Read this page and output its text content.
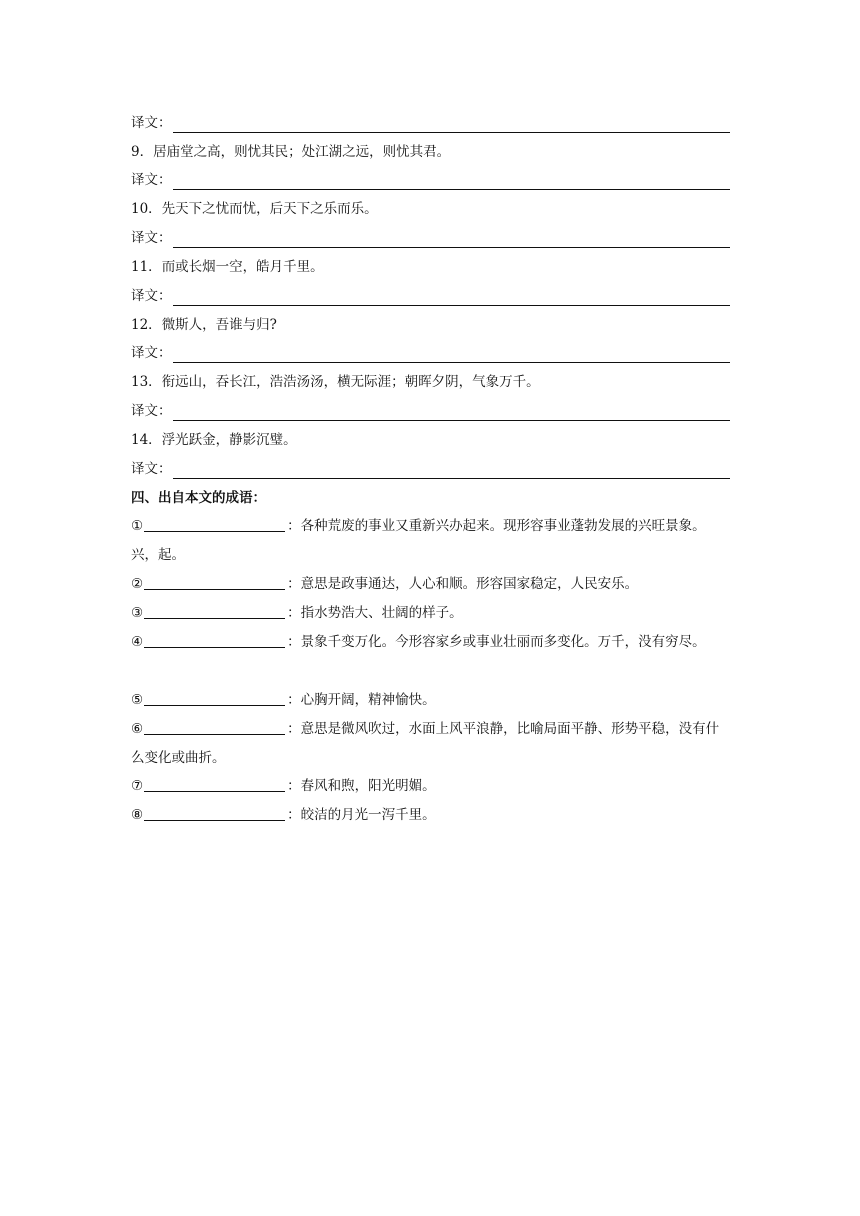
译文：
9．居庙堂之高，则忧其民；处江湖之远，则忧其君。
译文：
10．先天下之忧而忧，后天下之乐而乐。
译文：
11．而或长烟一空，皓月千里。
译文：
12．微斯人，吾谁与归?
译文：
13．衔远山，吞长江，浩浩汤汤，横无际涯；朝晖夕阴，气象万千。
译文：
14．浮光跃金，静影沉璧。
译文：
四、出自本文的成语：
①	：各种荒废的事业又重新兴办起来。现形容事业蓬勃发展的兴旺景象。兴，起。
②	：意思是政事通达，人心和顺。形容国家稳定，人民安乐。
③	：指水势浩大、壮阔的样子。
④	：景象千变万化。今形容家乡或事业壮丽而多变化。万千，没有穷尽。
⑤	：心胸开阔，精神愉快。
⑥	：意思是微风吹过，水面上风平浪静，比喻局面平静、形势平稳，没有什么变化或曲折。
⑦	：春风和煦，阳光明媚。
⑧	：皎洁的月光一泻千里。
